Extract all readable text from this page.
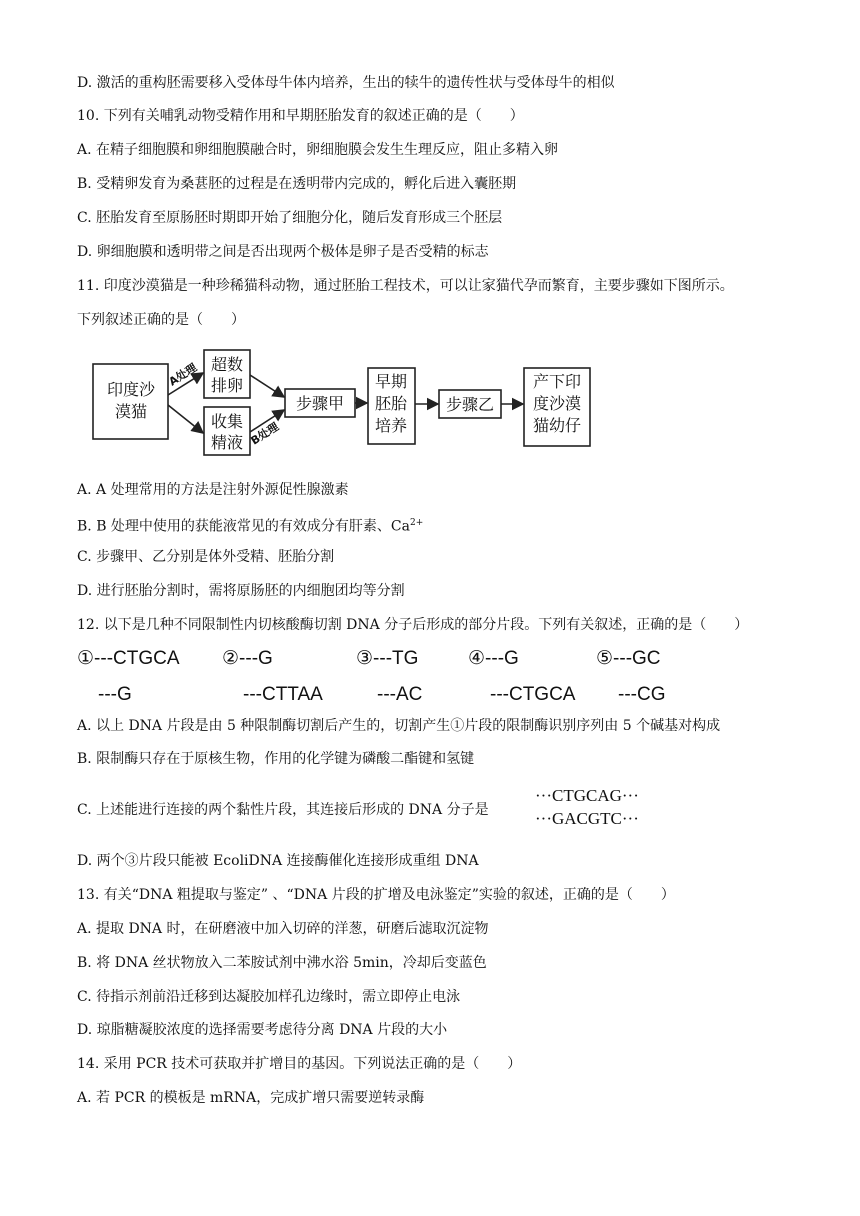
D. 激活的重构胚需要移入受体母牛体内培养，生出的犊牛的遗传性状与受体母牛的相似
10. 下列有关哺乳动物受精作用和早期胚胎发育的叙述正确的是（　　）
A. 在精子细胞膜和卵细胞膜融合时，卵细胞膜会发生生理反应，阻止多精入卵
B. 受精卵发育为桑葚胚的过程是在透明带内完成的，孵化后进入囊胚期
C. 胚胎发育至原肠胚时期即开始了细胞分化，随后发育形成三个胚层
D. 卵细胞膜和透明带之间是否出现两个极体是卵子是否受精的标志
11. 印度沙漠猫是一种珍稀猫科动物，通过胚胎工程技术，可以让家猫代孕而繁育，主要步骤如下图所示。
下列叙述正确的是（　　）
印度沙
漠猫
超数
排卵
收集
精液
步骤甲
早期
胚胎
培养
步骤乙
产下印
度沙漠
猫幼仔
A处理
B处理
A. A 处理常用的方法是注射外源促性腺激素
B. B 处理中使用的获能液常见的有效成分有肝素、$Ca^{2+}$
C. 步骤甲、乙分别是体外受精、胚胎分割
D. 进行胚胎分割时，需将原肠胚的内细胞团均等分割
12. 以下是几种不同限制性内切核酸酶切割 DNA 分子后形成的部分片段。下列有关叙述，正确的是（　　）
①---CTGCA
---G
②---G
---CTTAA
③---TG
---AC
④---G
---CTGCA
⑤---GC
---CG
A. 以上 DNA 片段是由 5 种限制酶切割后产生的，切割产生①片段的限制酶识别序列由 5 个碱基对构成
B. 限制酶只存在于原核生物，作用的化学键为磷酸二酯键和氢键
C. 上述能进行连接的两个黏性片段，其连接后形成的 DNA 分子是
···CTGCAG···
···GACGTC···
D. 两个③片段只能被 EcoliDNA 连接酶催化连接形成重组 DNA
13. 有关“DNA 粗提取与鉴定” 、“DNA 片段的扩增及电泳鉴定”实验的叙述，正确的是（　　）
A. 提取 DNA 时，在研磨液中加入切碎的洋葱，研磨后滤取沉淀物
B. 将 DNA 丝状物放入二苯胺试剂中沸水浴 5min，冷却后变蓝色
C. 待指示剂前沿迁移到达凝胶加样孔边缘时，需立即停止电泳
D. 琼脂糖凝胶浓度的选择需要考虑待分离 DNA 片段的大小
14. 采用 PCR 技术可获取并扩增目的基因。下列说法正确的是（　　）
A. 若 PCR 的模板是 mRNA，完成扩增只需要逆转录酶
